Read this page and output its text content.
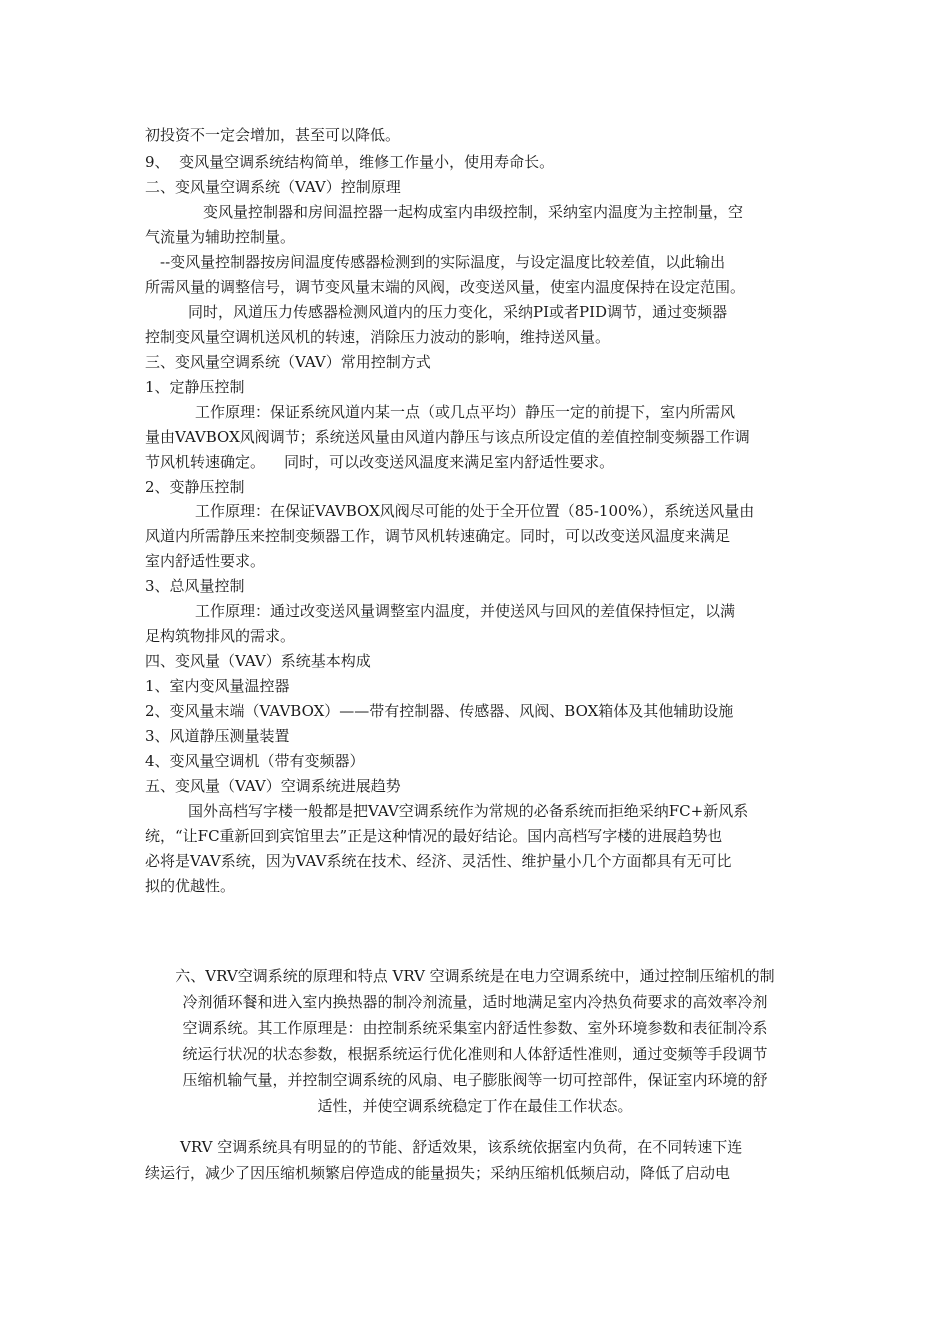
初投资不一定会增加，甚至可以降低。
9、  变风量空调系统结构简单，维修工作量小，使用寿命长。
二、变风量空调系统（VAV）控制原理
变风量控制器和房间温控器一起构成室内串级控制，采纳室内温度为主控制量，空
气流量为辅助控制量。
--变风量控制器按房间温度传感器检测到的实际温度，与设定温度比较差值，以此输出
所需风量的调整信号，调节变风量末端的风阀，改变送风量，使室内温度保持在设定范围。
同时，风道压力传感器检测风道内的压力变化，采纳PI或者PID调节，通过变频器
控制变风量空调机送风机的转速，消除压力波动的影响，维持送风量。
三、变风量空调系统（VAV）常用控制方式
1、定静压控制
工作原理：保证系统风道内某一点（或几点平均）静压一定的前提下，室内所需风
量由VAVBOX风阀调节；系统送风量由风道内静压与该点所设定值的差值控制变频器工作调
节风机转速确定。    同时，可以改变送风温度来满足室内舒适性要求。
2、变静压控制
工作原理：在保证VAVBOX风阀尽可能的处于全开位置（85-100%），系统送风量由
风道内所需静压来控制变频器工作，调节风机转速确定。同时，可以改变送风温度来满足
室内舒适性要求。
3、总风量控制
工作原理：通过改变送风量调整室内温度，并使送风与回风的差值保持恒定，以满
足构筑物排风的需求。
四、变风量（VAV）系统基本构成
1、室内变风量温控器
2、变风量末端（VAVBOX）——带有控制器、传感器、风阀、BOX箱体及其他辅助设施
3、风道静压测量装置
4、变风量空调机（带有变频器）
五、变风量（VAV）空调系统进展趋势
国外高档写字楼一般都是把VAV空调系统作为常规的必备系统而拒绝采纳FC+新风系
统，“让FC重新回到宾馆里去”正是这种情况的最好结论。国内高档写字楼的进展趋势也
必将是VAV系统，因为VAV系统在技术、经济、灵活性、维护量小几个方面都具有无可比
拟的优越性。
六、VRV空调系统的原理和特点 VRV 空调系统是在电力空调系统中，通过控制压缩机的制
冷剂循环餐和进入室内换热器的制冷剂流量，适时地满足室内冷热负荷要求的高效率冷剂
空调系统。其工作原理是：由控制系统采集室内舒适性参数、室外环境参数和表征制冷系
统运行状况的状态参数，根据系统运行优化准则和人体舒适性准则，通过变频等手段调节
压缩机输气量，并控制空调系统的风扇、电子膨胀阀等一切可控部件，保证室内环境的舒
适性，并使空调系统稳定丁作在最佳工作状态。
VRV 空调系统具有明显的的节能、舒适效果，该系统依据室内负荷，在不同转速下连
续运行，减少了因压缩机频繁启停造成的能量损失；采纳压缩机低频启动，降低了启动电
